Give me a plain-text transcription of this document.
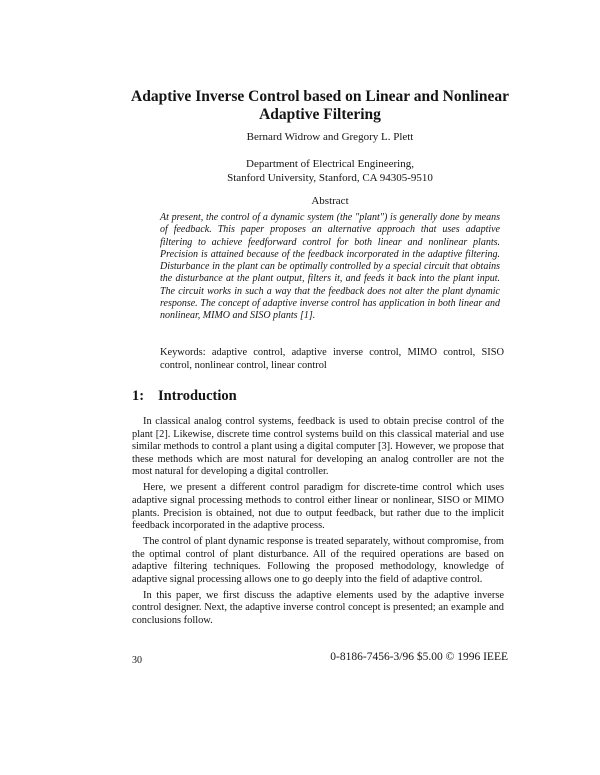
Adaptive Inverse Control based on Linear and Nonlinear
Adaptive Filtering
Bernard Widrow and Gregory L. Plett
Department of Electrical Engineering,
Stanford University, Stanford, CA 94305-9510
Abstract
At present, the control of a dynamic system (the "plant") is generally done by means of feedback. This paper proposes an alternative approach that uses adaptive filtering to achieve feedforward control for both linear and nonlinear plants. Precision is attained because of the feedback incorporated in the adaptive filtering. Disturbance in the plant can be optimally controlled by a special circuit that obtains the disturbance at the plant output, filters it, and feeds it back into the plant input. The circuit works in such a way that the feedback does not alter the plant dynamic response. The concept of adaptive inverse control has application in both linear and nonlinear, MIMO and SISO plants [1].
Keywords: adaptive control, adaptive inverse control, MIMO control, SISO control, nonlinear control, linear control
1: Introduction

In classical analog control systems, feedback is used to obtain precise control of the plant [2]. Likewise, discrete time control systems build on this classical material and use similar methods to control a plant using a digital computer [3]. However, we propose that these methods which are most natural for developing an analog controller are not the most natural for developing a digital controller.

Here, we present a different control paradigm for discrete-time control which uses adaptive signal processing methods to control either linear or nonlinear, SISO or MIMO plants. Precision is obtained, not due to output feedback, but rather due to the implicit feedback incorporated in the adaptive process.

The control of plant dynamic response is treated separately, without compromise, from the optimal control of plant disturbance. All of the required operations are based on adaptive filtering techniques. Following the proposed methodology, knowledge of adaptive signal processing allows one to go deeply into the field of adaptive control.

In this paper, we first discuss the adaptive elements used by the adaptive inverse control designer. Next, the adaptive inverse control concept is presented; an example and conclusions follow.

30	0-8186-7456-3/96 $5.00 © 1996 IEEE
